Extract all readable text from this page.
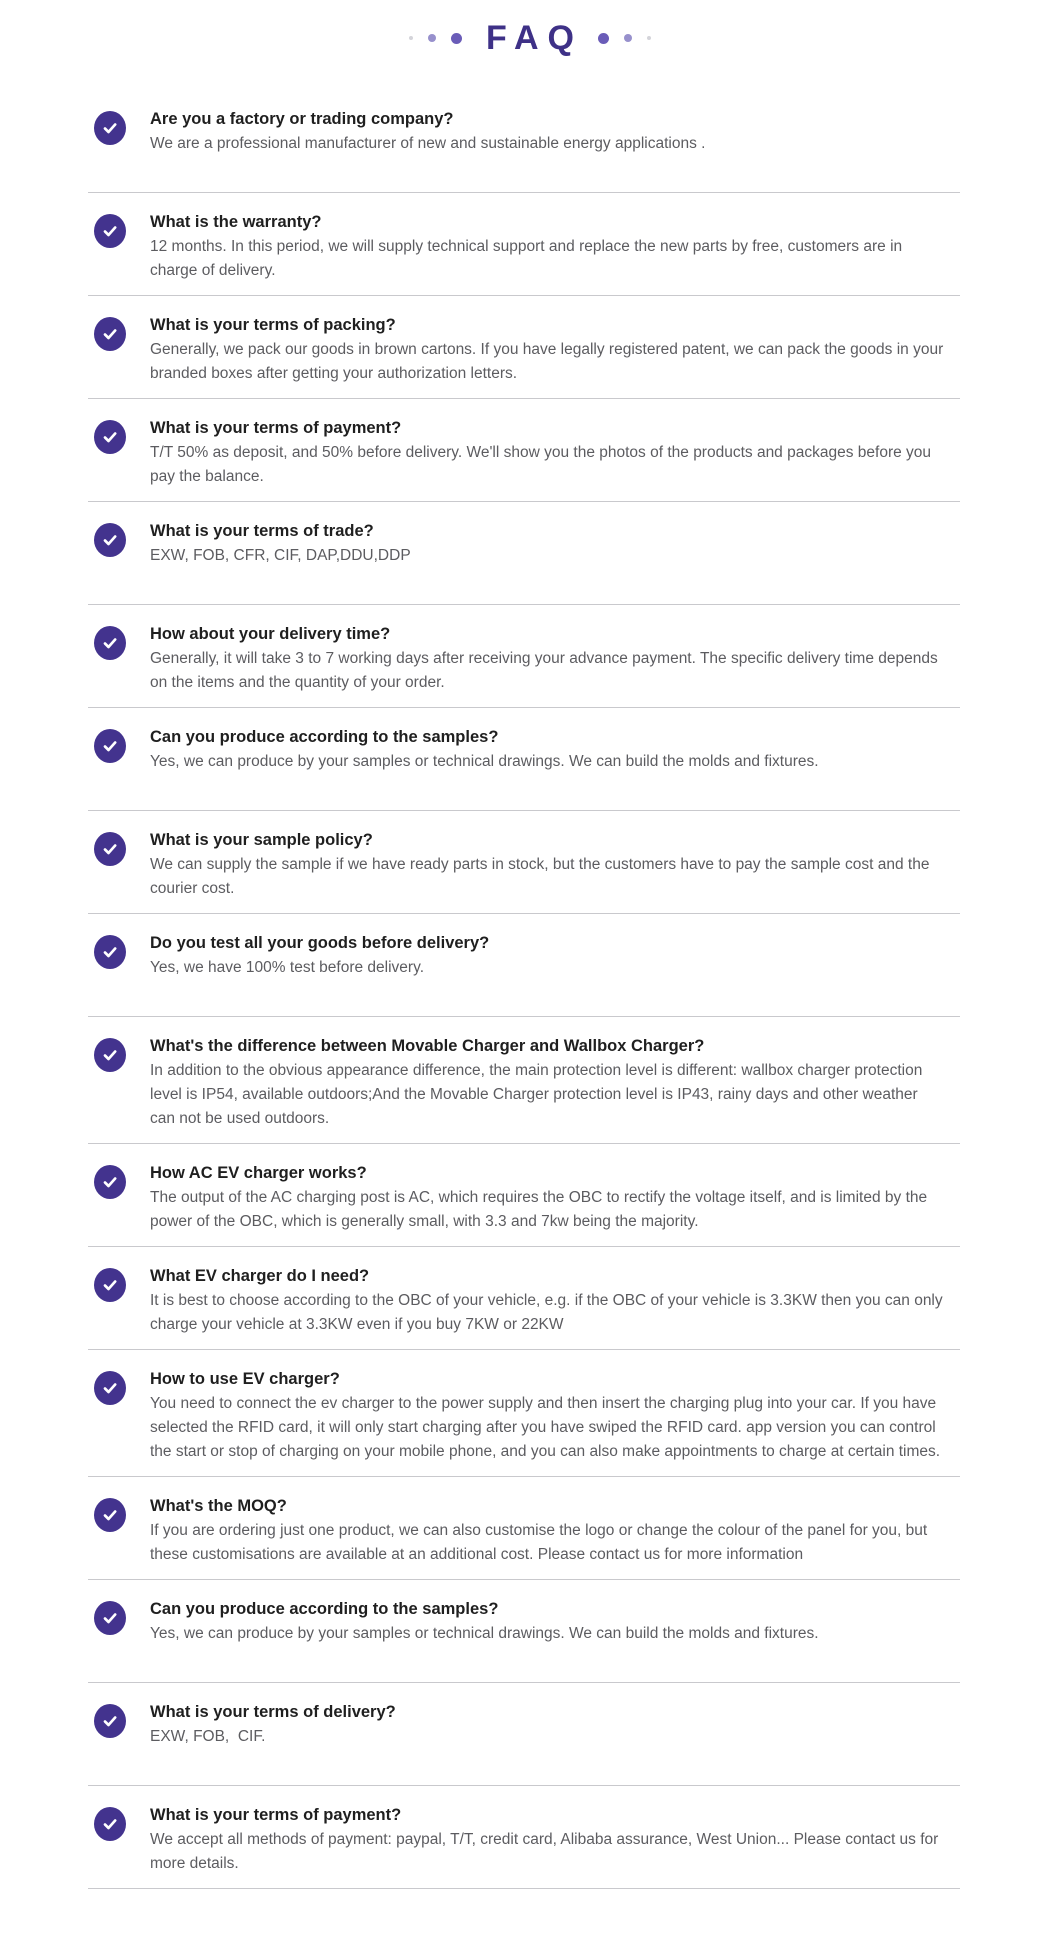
FAQ
Are you a factory or trading company?

We are a professional manufacturer of new and sustainable energy applications .

What is the warranty?

12 months. In this period, we will supply technical support and replace the new parts by free, customers are in charge of delivery.

What is your terms of packing?

Generally, we pack our goods in brown cartons. If you have legally registered patent, we can pack the goods in your branded boxes after getting your authorization letters.

What is your terms of payment?

T/T 50% as deposit, and 50% before delivery. We'll show you the photos of the products and packages before you pay the balance.

What is your terms of trade?

EXW, FOB, CFR, CIF, DAP,DDU,DDP

How about your delivery time?

Generally, it will take 3 to 7 working days after receiving your advance payment. The specific delivery time depends on the items and the quantity of your order.

Can you produce according to the samples?

Yes, we can produce by your samples or technical drawings. We can build the molds and fixtures.

What is your sample policy?

We can supply the sample if we have ready parts in stock, but the customers have to pay the sample cost and the courier cost.

Do you test all your goods before delivery?

Yes, we have 100% test before delivery.

What's the difference between Movable Charger and Wallbox Charger?

In addition to the obvious appearance difference, the main protection level is different: wallbox charger protection level is IP54, available outdoors;And the Movable Charger protection level is IP43, rainy days and other weather can not be used outdoors.

How AC EV charger works?

The output of the AC charging post is AC, which requires the OBC to rectify the voltage itself, and is limited by the power of the OBC, which is generally small, with 3.3 and 7kw being the majority.

What EV charger do I need?

It is best to choose according to the OBC of your vehicle, e.g. if the OBC of your vehicle is 3.3KW then you can only charge your vehicle at 3.3KW even if you buy 7KW or 22KW

How to use EV charger?

You need to connect the ev charger to the power supply and then insert the charging plug into your car. If you have selected the RFID card, it will only start charging after you have swiped the RFID card. app version you can control the start or stop of charging on your mobile phone, and you can also make appointments to charge at certain times.

What's the MOQ?

If you are ordering just one product, we can also customise the logo or change the colour of the panel for you, but these customisations are available at an additional cost. Please contact us for more information

Can you produce according to the samples?

Yes, we can produce by your samples or technical drawings. We can build the molds and fixtures.

What is your terms of delivery?

EXW, FOB,  CIF.

What is your terms of payment?

We accept all methods of payment: paypal, T/T, credit card, Alibaba assurance, West Union... Please contact us for more details.
